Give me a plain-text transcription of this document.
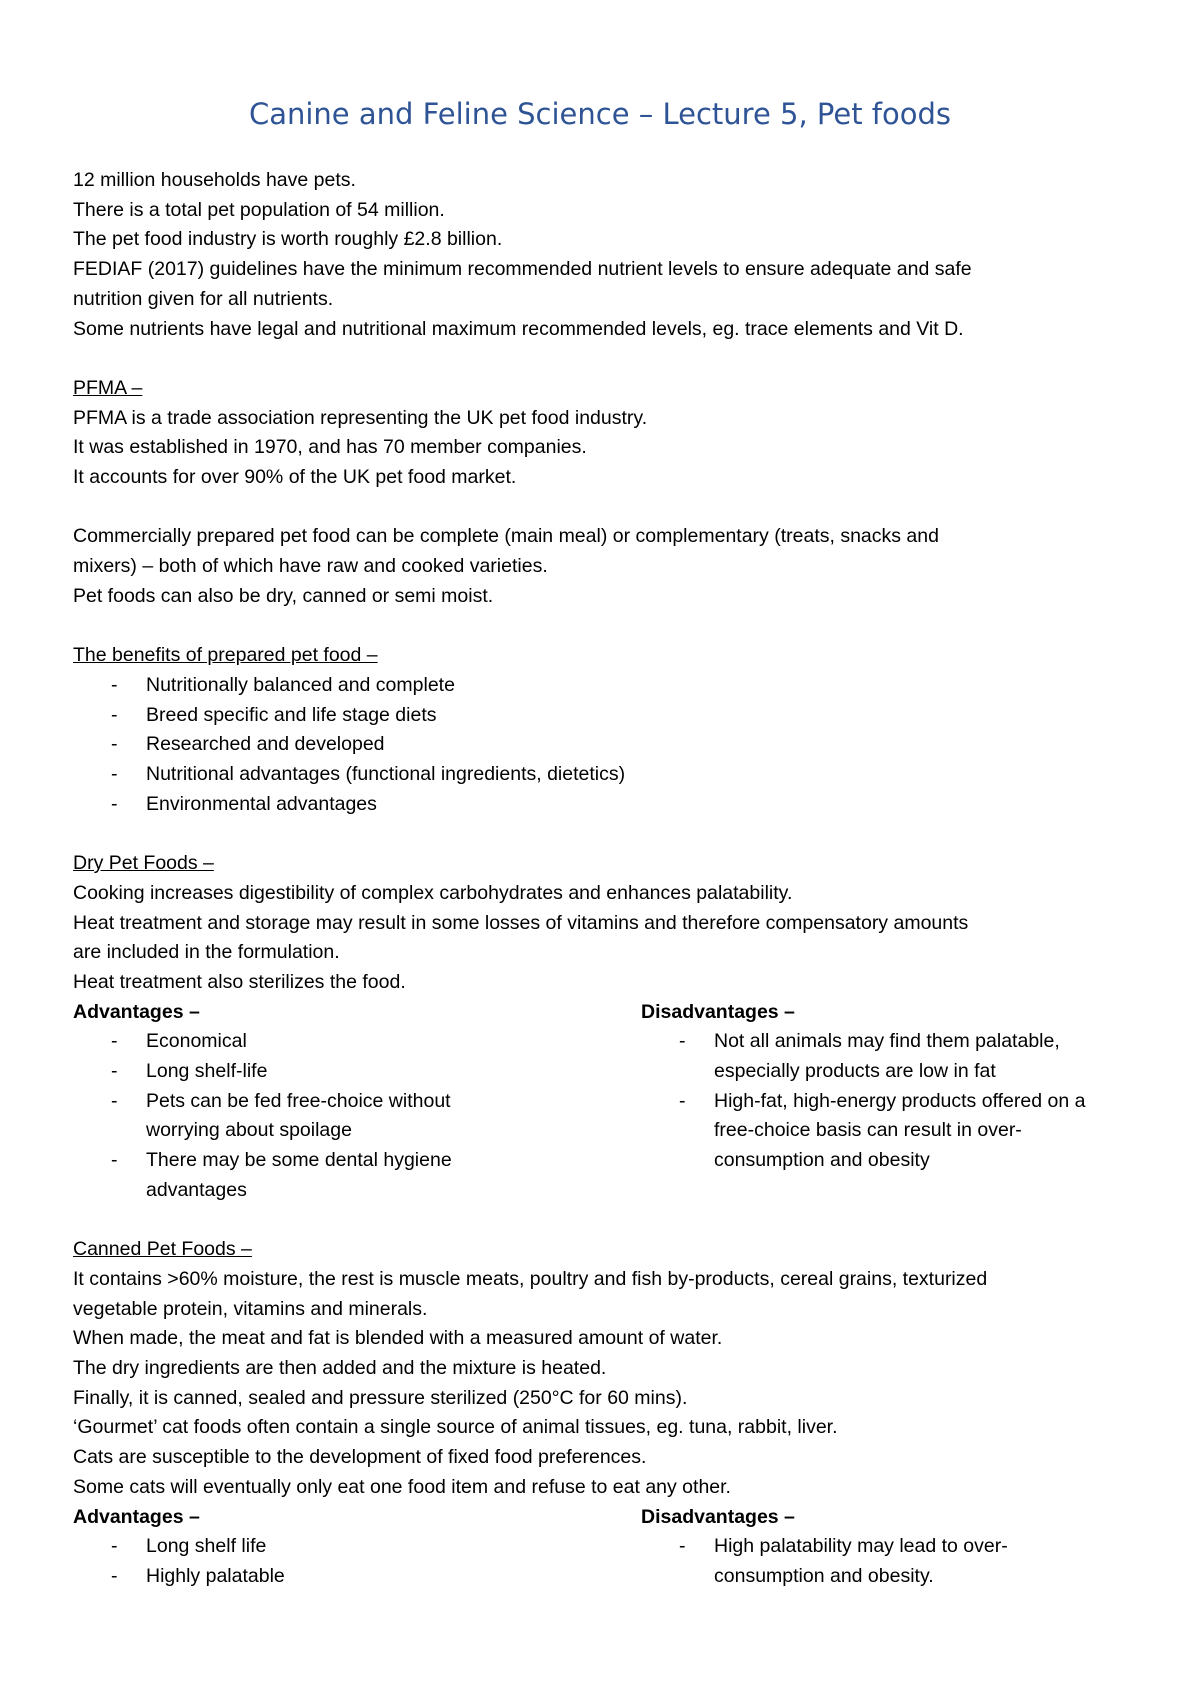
Canine and Feline Science – Lecture 5, Pet foods

12 million households have pets.

There is a total pet population of 54 million.

The pet food industry is worth roughly £2.8 billion.

FEDIAF (2017) guidelines have the minimum recommended nutrient levels to ensure adequate and safe

nutrition given for all nutrients.

Some nutrients have legal and nutritional maximum recommended levels, eg. trace elements and Vit D.

PFMA –

PFMA is a trade association representing the UK pet food industry.

It was established in 1970, and has 70 member companies.

It accounts for over 90% of the UK pet food market.

Commercially prepared pet food can be complete (main meal) or complementary (treats, snacks and

mixers) – both of which have raw and cooked varieties.

Pet foods can also be dry, canned or semi moist.

The benefits of prepared pet food –

- Nutritionally balanced and complete
- Breed specific and life stage diets
- Researched and developed
- Nutritional advantages (functional ingredients, dietetics)
- Environmental advantages

Dry Pet Foods –

Cooking increases digestibility of complex carbohydrates and enhances palatability.

Heat treatment and storage may result in some losses of vitamins and therefore compensatory amounts

are included in the formulation.

Heat treatment also sterilizes the food.

Advantages –

- Economical
- Long shelf-life
- Pets can be fed free-choice without worrying about spoilage
- There may be some dental hygiene advantages

Disadvantages –

- Not all animals may find them palatable, especially products are low in fat
- High-fat, high-energy products offered on a free-choice basis can result in over-consumption and obesity

Canned Pet Foods –

It contains >60% moisture, the rest is muscle meats, poultry and fish by-products, cereal grains, texturized

vegetable protein, vitamins and minerals.

When made, the meat and fat is blended with a measured amount of water.

The dry ingredients are then added and the mixture is heated.

Finally, it is canned, sealed and pressure sterilized (250°C for 60 mins).

‘Gourmet’ cat foods often contain a single source of animal tissues, eg. tuna, rabbit, liver.

Cats are susceptible to the development of fixed food preferences.

Some cats will eventually only eat one food item and refuse to eat any other.

Advantages –

- Long shelf life
- Highly palatable

Disadvantages –

- High palatability may lead to over-consumption and obesity.
